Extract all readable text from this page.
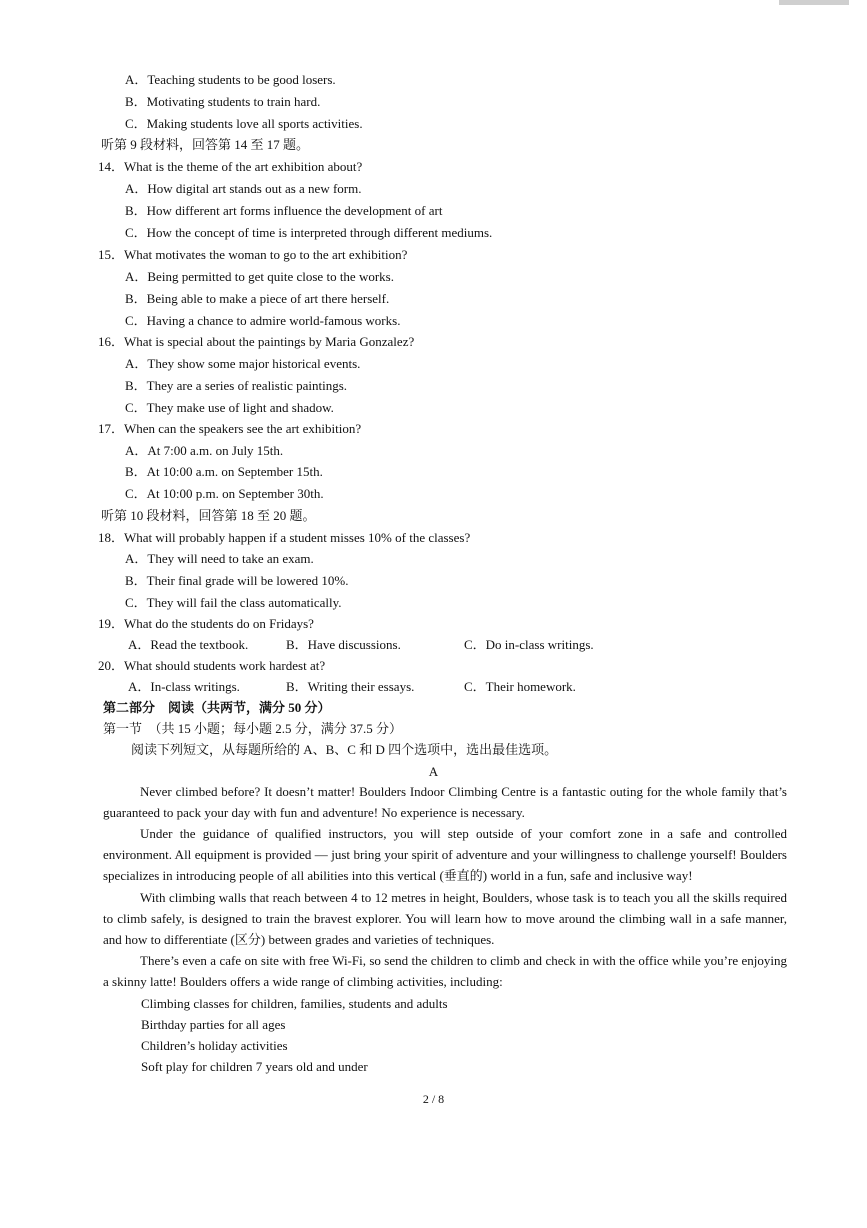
A．Teaching students to be good losers.
B．Motivating students to train hard.
C．Making students love all sports activities.
听第 9 段材料，回答第 14 至 17 题。
14．What is the theme of the art exhibition about?
A．How digital art stands out as a new form.
B．How different art forms influence the development of art
C．How the concept of time is interpreted through different mediums.
15．What motivates the woman to go to the art exhibition?
A．Being permitted to get quite close to the works.
B．Being able to make a piece of art there herself.
C．Having a chance to admire world-famous works.
16．What is special about the paintings by Maria Gonzalez?
A．They show some major historical events.
B．They are a series of realistic paintings.
C．They make use of light and shadow.
17．When can the speakers see the art exhibition?
A．At 7:00 a.m. on July 15th.
B．At 10:00 a.m. on September 15th.
C．At 10:00 p.m. on September 30th.
听第 10 段材料，回答第 18 至 20 题。
18．What will probably happen if a student misses 10% of the classes?
A．They will need to take an exam.
B．Their final grade will be lowered 10%.
C．They will fail the class automatically.
19．What do the students do on Fridays?
A．Read the textbook.	B．Have discussions.	C．Do in-class writings.
20．What should students work hardest at?
A．In-class writings.	B．Writing their essays.	C．Their homework.
第二部分　阅读（共两节，满分 50 分）
第一节　（共 15 小题；每小题 2.5 分，满分 37.5 分）
阅读下列短文，从每题所给的 A、B、C 和 D 四个选项中，选出最佳选项。
A
Never climbed before? It doesn’t matter! Boulders Indoor Climbing Centre is a fantastic outing for the whole family that’s guaranteed to pack your day with fun and adventure! No experience is necessary.
Under the guidance of qualified instructors, you will step outside of your comfort zone in a safe and controlled environment. All equipment is provided — just bring your spirit of adventure and your willingness to challenge yourself! Boulders specializes in introducing people of all abilities into this vertical (垂直的) world in a fun, safe and inclusive way!
With climbing walls that reach between 4 to 12 metres in height, Boulders, whose task is to teach you all the skills required to climb safely, is designed to train the bravest explorer. You will learn how to move around the climbing wall in a safe manner, and how to differentiate (区分) between grades and varieties of techniques.
There’s even a cafe on site with free Wi-Fi, so send the children to climb and check in with the office while you’re enjoying a skinny latte! Boulders offers a wide range of climbing activities, including:
Climbing classes for children, families, students and adults
Birthday parties for all ages
Children’s holiday activities
Soft play for children 7 years old and under
2 / 8
